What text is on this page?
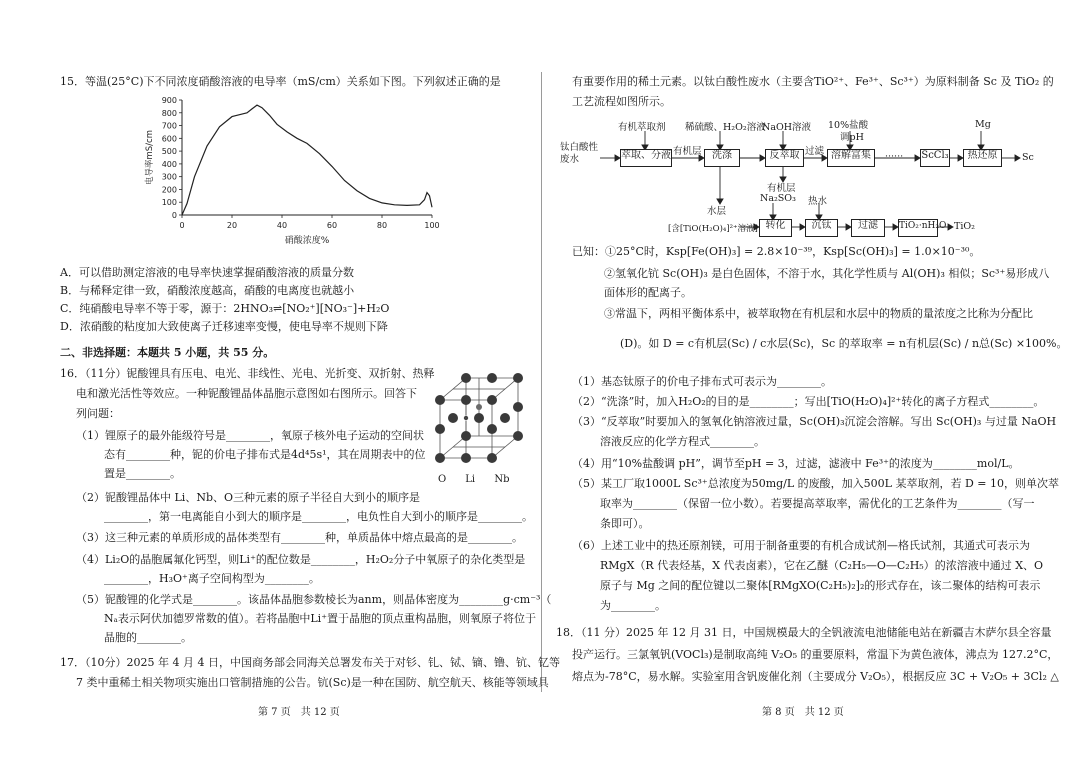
15．等温(25°C)下不同浓度硝酸溶液的电导率（mS/cm）关系如下图。下列叙述正确的是
0
100
200
300
400
500
600
700
800
900
电导率mS/cm
0	20	40	60	80	100
硝酸浓度%
A．可以借助测定溶液的电导率快速掌握硝酸溶液的质量分数
B．与稀释定律一致，硝酸浓度越高，硝酸的电离度也就越小
C．纯硝酸电导率不等于零，源于：2HNO₃⇌[NO₂⁺][NO₃⁻]+H₂O
D．浓硝酸的粘度加大致使离子迁移速率变慢，使电导率不规则下降
二、非选择题：本题共 5 小题，共 55 分。
16．（11分）铌酸锂具有压电、电光、非线性、光电、光折变、双折射、热释
电和激光活性等效应。一种铌酸锂晶体晶胞示意图如右图所示。回答下
列问题：
（1）锂原子的最外能级符号是________，氧原子核外电子运动的空间状
态有________种，铌的价电子排布式是4d⁴5s¹，其在周期表中的位
置是________。
（2）铌酸锂晶体中 Li、Nb、O三种元素的原子半径自大到小的顺序是
________，第一电离能自小到大的顺序是________，电负性自大到小的顺序是________。
（3）这三种元素的单质形成的晶体类型有________种，单质晶体中熔点最高的是________。
（4）Li₂O的晶胞属氟化钙型，则Li⁺的配位数是________，H₂O₂分子中氧原子的杂化类型是
________，H₃O⁺离子空间构型为________。
（5）铌酸锂的化学式是________。该晶体晶胞参数棱长为anm，则晶体密度为________g·cm⁻³（
Nₐ表示阿伏加德罗常数的值）。若将晶胞中Li⁺置于晶胞的顶点重构晶胞，则氧原子将位于
晶胞的________。
O Li Nb
17．（10分）2025 年 4 月 4 日，中国商务部会同海关总署发布关于对钐、钆、铽、镝、镥、钪、钇等
7 类中重稀土相关物项实施出口管制措施的公告。钪(Sc)是一种在国防、航空航天、核能等领域具
第 7 页　共 12 页
有重要作用的稀土元素。以钛白酸性废水（主要含TiO²⁺、Fe³⁺、Sc³⁺）为原料制备 Sc 及 TiO₂ 的
工艺流程如图所示。
钛白酸性废水	萃取、分液	洗涤	反萃取	溶解富集	ScCl₃	热还原
转化	沉钛	过滤	TiO₂·nH₂O
有机萃取剂
有机层
稀硫酸、H₂O₂溶液
NaOH溶液
过滤
10%盐酸
调pH
Mg
Sc
有机层
水层
Na₂SO₃ 热水
TiO₂
······
[含[TiO(H₂O)₄]²⁺溶液]
已知：①25°C时，Ksp[Fe(OH)₃] = 2.8×10⁻³⁹，Ksp[Sc(OH)₃] = 1.0×10⁻³⁰。
②氢氧化钪 Sc(OH)₃ 是白色固体，不溶于水，其化学性质与 Al(OH)₃ 相似；Sc³⁺易形成八
面体形的配离子。
③常温下，两相平衡体系中，被萃取物在有机层和水层中的物质的量浓度之比称为分配比
(D)。如 D = c有机层(Sc) / c水层(Sc)，Sc 的萃取率 = n有机层(Sc) / n总(Sc) ×100%。
（1）基态钛原子的价电子排布式可表示为________。
（2）“洗涤”时，加入H₂O₂的目的是________；写出[TiO(H₂O)₄]²⁺转化的离子方程式________。
（3）“反萃取”时要加入的氢氧化钠溶液过量，Sc(OH)₃沉淀会溶解。写出 Sc(OH)₃ 与过量 NaOH
溶液反应的化学方程式________。
（4）用“10%盐酸调 pH”，调节至pH = 3，过滤，滤液中 Fe³⁺的浓度为________mol/L。
（5）某工厂取1000L Sc³⁺总浓度为50mg/L 的废酸，加入500L 某萃取剂，若 D = 10，则单次萃
取率为________（保留一位小数）。若要提高萃取率，需优化的工艺条件为________（写一
条即可）。
（6）上述工业中的热还原剂镁，可用于制备重要的有机合成试剂—格氏试剂，其通式可表示为
RMgX（R 代表烃基，X 代表卤素），它在乙醚（C₂H₅—O—C₂H₅）的浓溶液中通过 X、O
原子与 Mg 之间的配位键以二聚体[RMgXO(C₂H₅)₂]₂的形式存在，该二聚体的结构可表示
为________。
18．（11 分）2025 年 12 月 31 日，中国规模最大的全钒液流电池储能电站在新疆吉木萨尔县全容量
投产运行。三氯氧钒(VOCl₃)是制取高纯 V₂O₅ 的重要原料，常温下为黄色液体，沸点为 127.2°C，
熔点为-78°C，易水解。实验室用含钒废催化剂（主要成分 V₂O₅），根据反应 3C + V₂O₅ + 3Cl₂ △
第 8 页　共 12 页
